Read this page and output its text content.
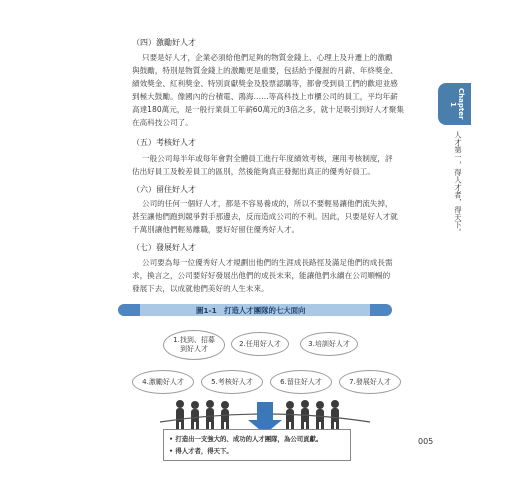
（四）激勵好人才
只要是好人才，企業必須給他們足夠的物質金錢上、心理上及升遷上的激勵
與鼓勵，特別是物質金錢上的激勵更是重要，包括給予優渥的月薪、年終獎金、
績效獎金、紅利獎金、特別貢獻獎金及股票認購等，都會受到員工們的歡迎並感
到極大鼓勵。像國內的台積電、鴻海……等高科技上市櫃公司的員工，平均年薪
高達180萬元，是一般行業員工年薪60萬元的3倍之多，就十足吸引到好人才聚集
在高科技公司了。
（五）考核好人才
一般公司每半年或每年會對全體員工進行年度績效考核，運用考核制度，評
估出好員工及較差員工的區別，然後能夠真正發掘出真正的優秀好員工。
（六）留住好人才
公司的任何一個好人才，都是不容易養成的，所以不要輕易讓他們流失掉，
甚至讓他們跑到競爭對手那邊去，反而造成公司的不利。因此，只要是好人才就
千萬別讓他們輕易離職，要好好留住優秀好人才。
（七）發展好人才
公司要為每一位優秀好人才規劃出他們的生涯成長路徑及滿足他們的成長需
求，換言之，公司要好好發展出他們的成長未來，能讓他們永續在公司順暢的
發展下去，以成就他們美好的人生未來。
Chapter 1
人才第一，得人才者，得天下。
圖1-1　打造人才團隊的七大面向
1.找到、招募到好人才
2.任用好人才	3.培訓好人才
4.激勵好人才	5.考核好人才	6.留住好人才	7.發展好人才
• 打造出一支強大的、成功的人才團隊，為公司貢獻。
• 得人才者，得天下。
005
